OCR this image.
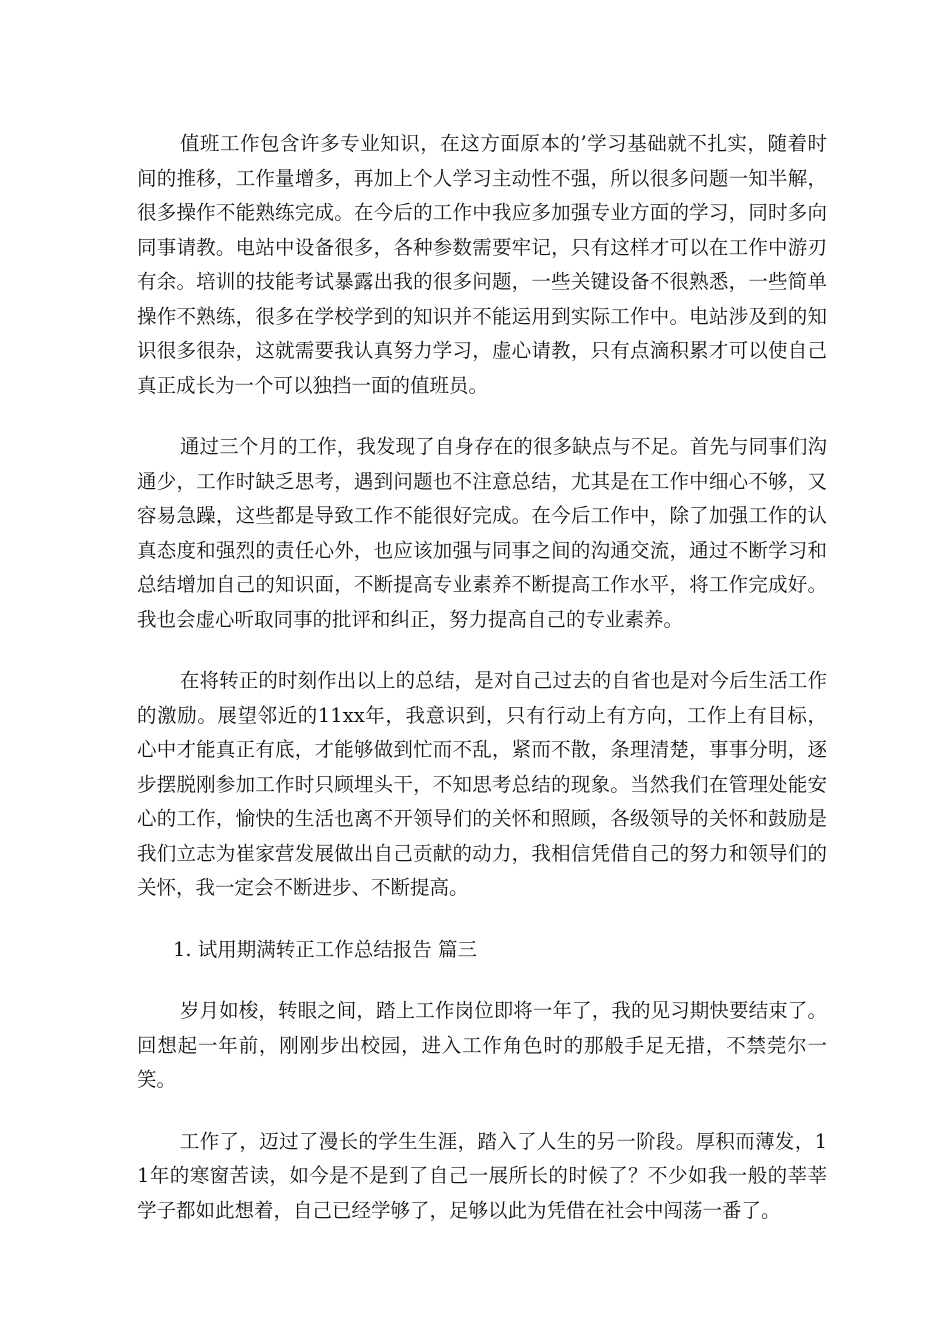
值班工作包含许多专业知识，在这方面原本的’学习基础就不扎实，随着时间的推移，工作量增多，再加上个人学习主动性不强，所以很多问题一知半解，很多操作不能熟练完成。在今后的工作中我应多加强专业方面的学习，同时多向同事请教。电站中设备很多，各种参数需要牢记，只有这样才可以在工作中游刃有余。培训的技能考试暴露出我的很多问题，一些关键设备不很熟悉，一些简单操作不熟练，很多在学校学到的知识并不能运用到实际工作中。电站涉及到的知识很多很杂，这就需要我认真努力学习，虚心请教，只有点滴积累才可以使自己真正成长为一个可以独挡一面的值班员。

通过三个月的工作，我发现了自身存在的很多缺点与不足。首先与同事们沟通少，工作时缺乏思考，遇到问题也不注意总结，尤其是在工作中细心不够，又容易急躁，这些都是导致工作不能很好完成。在今后工作中，除了加强工作的认真态度和强烈的责任心外，也应该加强与同事之间的沟通交流，通过不断学习和总结增加自己的知识面，不断提高专业素养不断提高工作水平，将工作完成好。我也会虚心听取同事的批评和纠正，努力提高自己的专业素养。

在将转正的时刻作出以上的总结，是对自己过去的自省也是对今后生活工作的激励。展望邻近的11xx年，我意识到，只有行动上有方向，工作上有目标，心中才能真正有底，才能够做到忙而不乱，紧而不散，条理清楚，事事分明，逐步摆脱刚参加工作时只顾埋头干，不知思考总结的现象。当然我们在管理处能安心的工作，愉快的生活也离不开领导们的关怀和照顾，各级领导的关怀和鼓励是我们立志为崔家营发展做出自己贡献的动力，我相信凭借自己的努力和领导们的关怀，我一定会不断进步、不断提高。

1. 试用期满转正工作总结报告 篇三

岁月如梭，转眼之间，踏上工作岗位即将一年了，我的见习期快要结束了。回想起一年前，刚刚步出校园，进入工作角色时的那般手足无措，不禁莞尔一笑。

工作了，迈过了漫长的学生生涯，踏入了人生的另一阶段。厚积而薄发，11年的寒窗苦读，如今是不是到了自己一展所长的时候了？不少如我一般的莘莘学子都如此想着，自己已经学够了，足够以此为凭借在社会中闯荡一番了。
